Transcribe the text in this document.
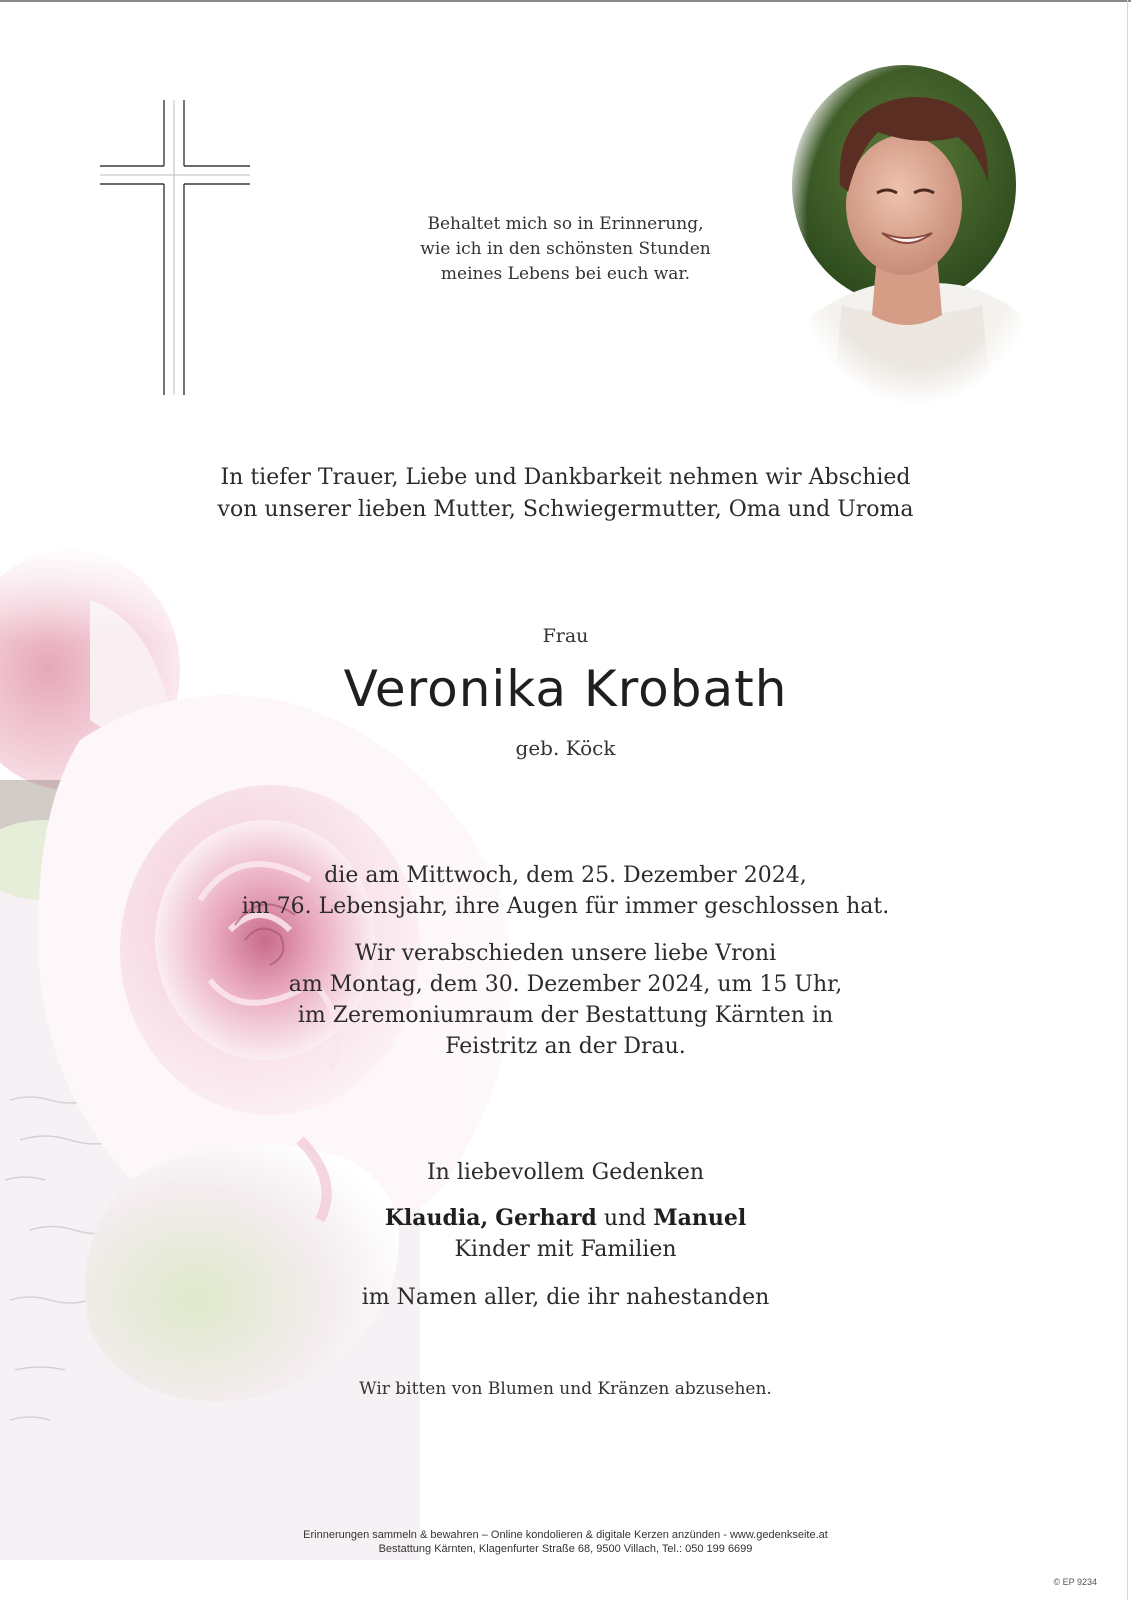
Behaltet mich so in Erinnerung,
wie ich in den schönsten Stunden
meines Lebens bei euch war.
In tiefer Trauer, Liebe und Dankbarkeit nehmen wir Abschied
von unserer lieben Mutter, Schwiegermutter, Oma und Uroma
Frau
Veronika Krobath
geb. Köck
die am Mittwoch, dem 25. Dezember 2024,
im 76. Lebensjahr, ihre Augen für immer geschlossen hat.
Wir verabschieden unsere liebe Vroni
am Montag, dem 30. Dezember 2024, um 15 Uhr,
im Zeremoniumraum der Bestattung Kärnten in
Feistritz an der Drau.
In liebevollem Gedenken
Klaudia, Gerhard und Manuel
Kinder mit Familien
im Namen aller, die ihr nahestanden
Wir bitten von Blumen und Kränzen abzusehen.
Erinnerungen sammeln & bewahren – Online kondolieren & digitale Kerzen anzünden - www.gedenkseite.at
Bestattung Kärnten, Klagenfurter Straße 68, 9500 Villach, Tel.: 050 199 6699
© EP 9234
